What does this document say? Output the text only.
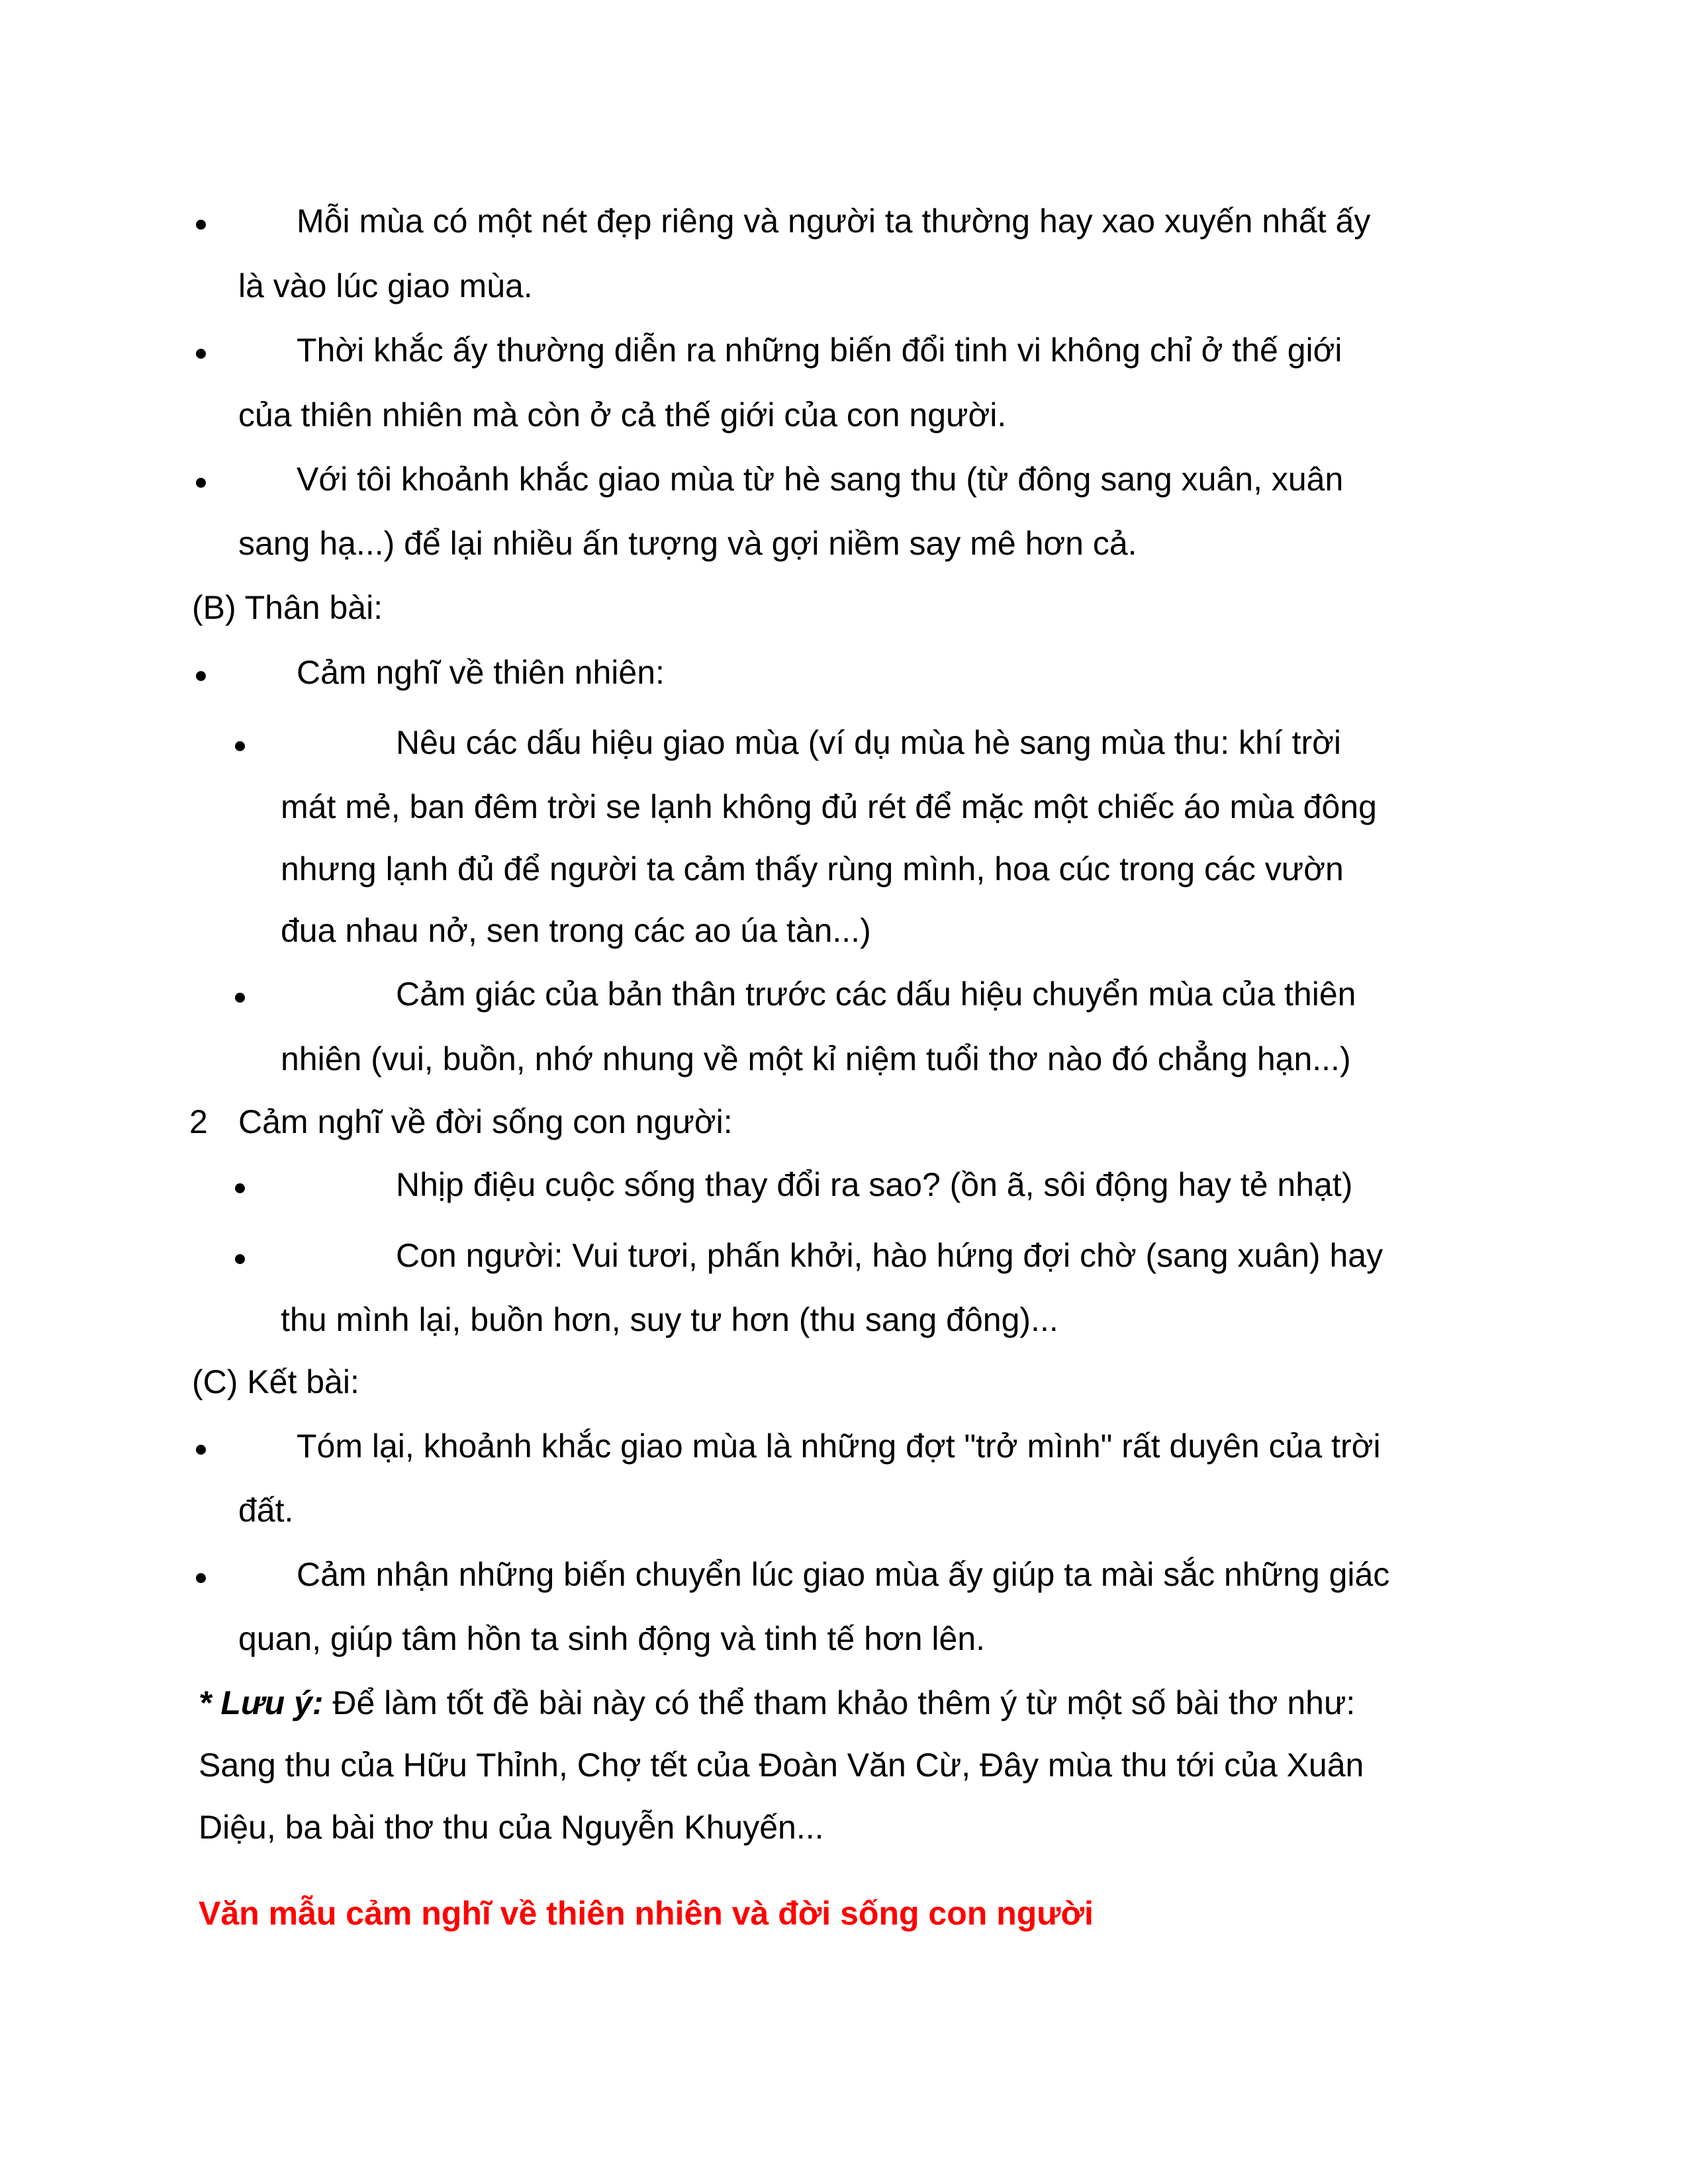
Mỗi mùa có một nét đẹp riêng và người ta thường hay xao xuyến nhất ấy
là vào lúc giao mùa.
Thời khắc ấy thường diễn ra những biến đổi tinh vi không chỉ ở thế giới
của thiên nhiên mà còn ở cả thế giới của con người.
Với tôi khoảnh khắc giao mùa từ hè sang thu (từ đông sang xuân, xuân
sang hạ...) để lại nhiều ấn tượng và gợi niềm say mê hơn cả.
(B) Thân bài:
Cảm nghĩ về thiên nhiên:
Nêu các dấu hiệu giao mùa (ví dụ mùa hè sang mùa thu: khí trời
mát mẻ, ban đêm trời se lạnh không đủ rét để mặc một chiếc áo mùa đông
nhưng lạnh đủ để người ta cảm thấy rùng mình, hoa cúc trong các vườn
đua nhau nở, sen trong các ao úa tàn...)
Cảm giác của bản thân trước các dấu hiệu chuyển mùa của thiên
nhiên (vui, buồn, nhớ nhung về một kỉ niệm tuổi thơ nào đó chẳng hạn...)
2 Cảm nghĩ về đời sống con người:
Nhịp điệu cuộc sống thay đổi ra sao? (ồn ã, sôi động hay tẻ nhạt)
Con người: Vui tươi, phấn khởi, hào hứng đợi chờ (sang xuân) hay
thu mình lại, buồn hơn, suy tư hơn (thu sang đông)...
(C) Kết bài:
Tóm lại, khoảnh khắc giao mùa là những đợt "trở mình" rất duyên của trời
đất.
Cảm nhận những biến chuyển lúc giao mùa ấy giúp ta mài sắc những giác
quan, giúp tâm hồn ta sinh động và tinh tế hơn lên.
* Lưu ý: Để làm tốt đề bài này có thể tham khảo thêm ý từ một số bài thơ như:
Sang thu của Hữu Thỉnh, Chợ tết của Đoàn Văn Cừ, Đây mùa thu tới của Xuân
Diệu, ba bài thơ thu của Nguyễn Khuyến...
Văn mẫu cảm nghĩ về thiên nhiên và đời sống con người
